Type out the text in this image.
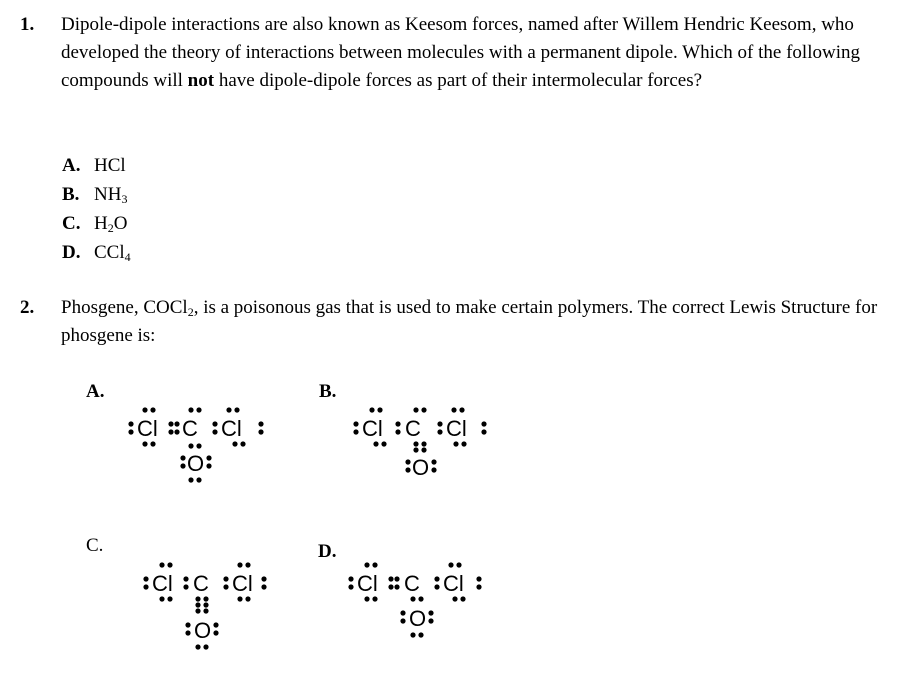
1. Dipole-dipole interactions are also known as Keesom forces, named after Willem Hendric Keesom, who developed the theory of interactions between molecules with a permanent dipole. Which of the following compounds will not have dipole-dipole forces as part of their intermolecular forces?
A. HCl
B. $NH_3$
C. $H_2O$
D. CCl$_4$
2. Phosgene, COCl$_2$, is a poisonous gas that is used to make certain polymers. The correct Lewis Structure for phosgene is:
A.	B.
C.	D.
Cl C Cl
O
Cl C Cl
O
Cl C Cl
O
Cl C Cl
O
